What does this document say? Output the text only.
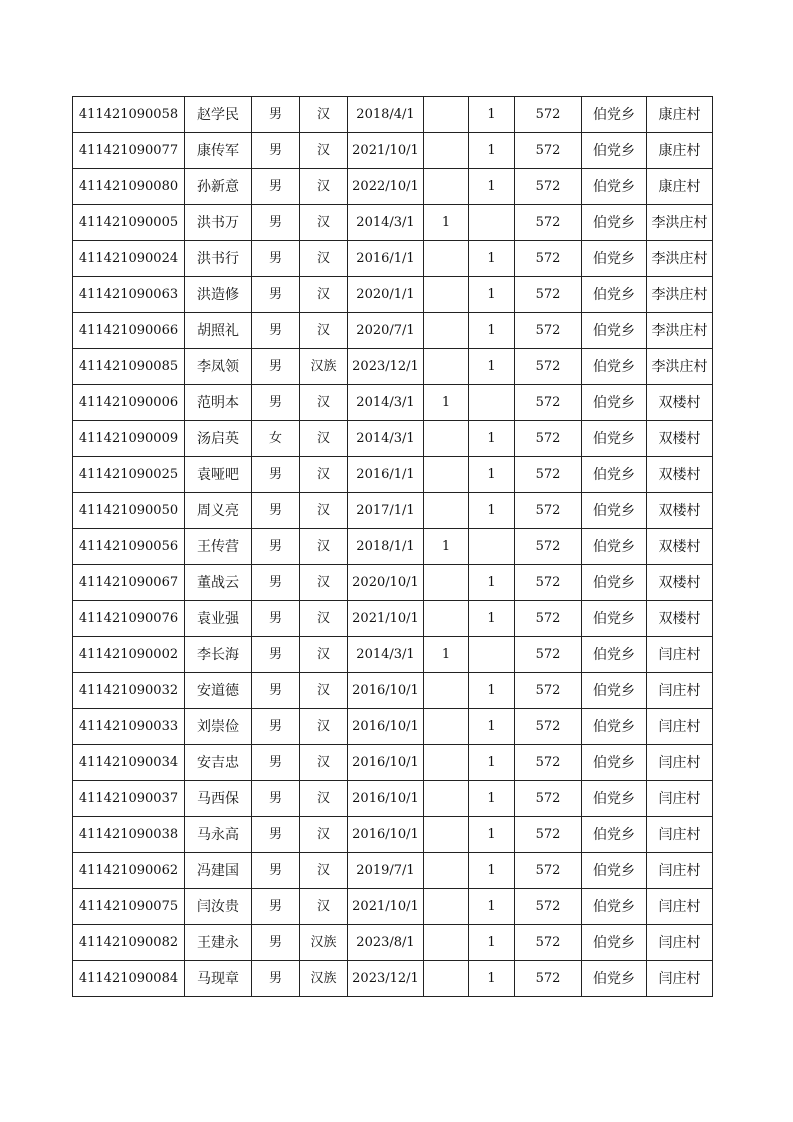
411421090058	赵学民	男	汉	2018/4/1		1	572	伯党乡	康庄村
411421090077	康传军	男	汉	2021/10/1		1	572	伯党乡	康庄村
411421090080	孙新意	男	汉	2022/10/1		1	572	伯党乡	康庄村
411421090005	洪书万	男	汉	2014/3/1	1		572	伯党乡	李洪庄村
411421090024	洪书行	男	汉	2016/1/1		1	572	伯党乡	李洪庄村
411421090063	洪造修	男	汉	2020/1/1		1	572	伯党乡	李洪庄村
411421090066	胡照礼	男	汉	2020/7/1		1	572	伯党乡	李洪庄村
411421090085	李凤领	男	汉族	2023/12/1		1	572	伯党乡	李洪庄村
411421090006	范明本	男	汉	2014/3/1	1		572	伯党乡	双楼村
411421090009	汤启英	女	汉	2014/3/1		1	572	伯党乡	双楼村
411421090025	袁哑吧	男	汉	2016/1/1		1	572	伯党乡	双楼村
411421090050	周义亮	男	汉	2017/1/1		1	572	伯党乡	双楼村
411421090056	王传营	男	汉	2018/1/1	1		572	伯党乡	双楼村
411421090067	董战云	男	汉	2020/10/1		1	572	伯党乡	双楼村
411421090076	袁业强	男	汉	2021/10/1		1	572	伯党乡	双楼村
411421090002	李长海	男	汉	2014/3/1	1		572	伯党乡	闫庄村
411421090032	安道德	男	汉	2016/10/1		1	572	伯党乡	闫庄村
411421090033	刘崇俭	男	汉	2016/10/1		1	572	伯党乡	闫庄村
411421090034	安吉忠	男	汉	2016/10/1		1	572	伯党乡	闫庄村
411421090037	马西保	男	汉	2016/10/1		1	572	伯党乡	闫庄村
411421090038	马永高	男	汉	2016/10/1		1	572	伯党乡	闫庄村
411421090062	冯建国	男	汉	2019/7/1		1	572	伯党乡	闫庄村
411421090075	闫汝贵	男	汉	2021/10/1		1	572	伯党乡	闫庄村
411421090082	王建永	男	汉族	2023/8/1		1	572	伯党乡	闫庄村
411421090084	马现章	男	汉族	2023/12/1		1	572	伯党乡	闫庄村
